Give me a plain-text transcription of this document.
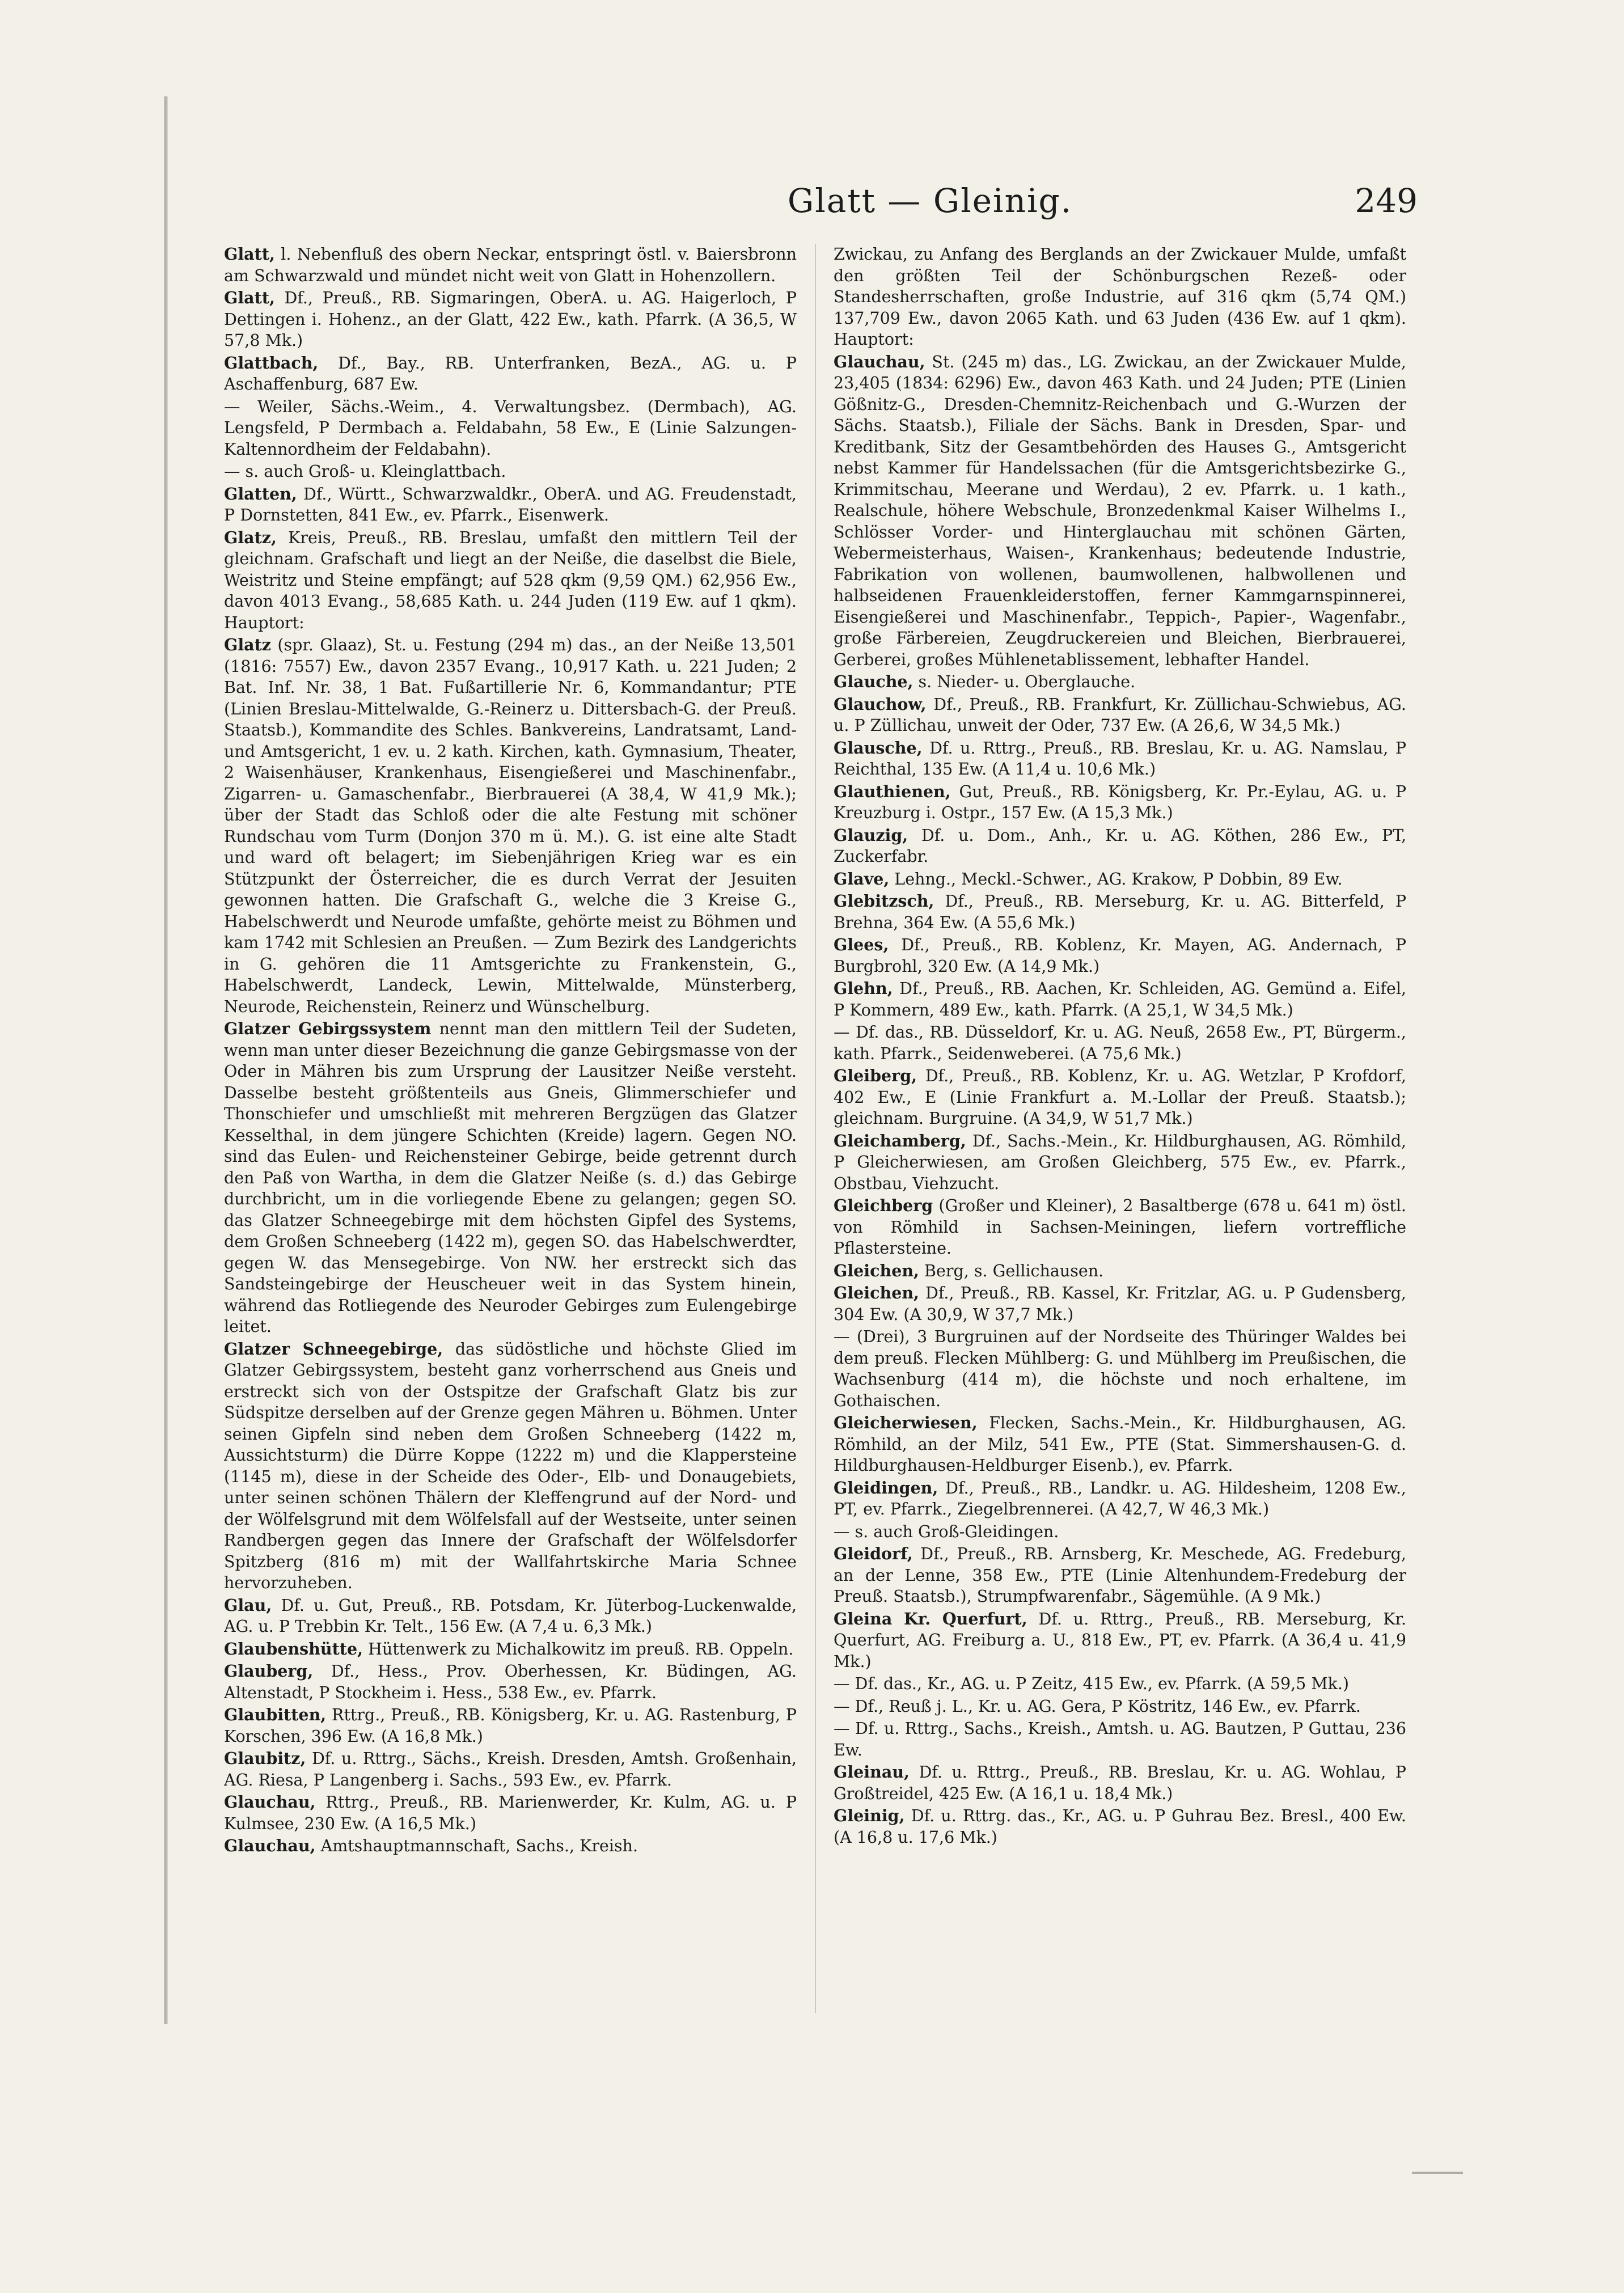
Glatt — Gleinig.	249

Glatt, l. Nebenfluß des obern Neckar, entspringt östl. v. Baiersbronn am Schwarzwald und mündet nicht weit von Glatt in Hohenzollern.

Glatt, Df., Preuß., RB. Sigmaringen, OberA. u. AG. Haigerloch, P Dettingen i. Hohenz., an der Glatt, 422 Ew., kath. Pfarrk. (A 36,5, W 57,8 Mk.)

Glattbach, Df., Bay., RB. Unterfranken, BezA., AG. u. P Aschaffenburg, 687 Ew.

— Weiler, Sächs.-Weim., 4. Verwaltungsbez. (Dermbach), AG. Lengsfeld, P Dermbach a. Feldabahn, 58 Ew., E (Linie Salzungen-Kaltennordheim der Feldabahn).

— s. auch Groß- u. Kleinglattbach.

Glatten, Df., Württ., Schwarzwaldkr., OberA. und AG. Freudenstadt, P Dornstetten, 841 Ew., ev. Pfarrk., Eisenwerk.

Glatz, Kreis, Preuß., RB. Breslau, umfaßt den mittlern Teil der gleichnam. Grafschaft und liegt an der Neiße, die daselbst die Biele, Weistritz und Steine empfängt; auf 528 qkm (9,59 QM.) 62,956 Ew., davon 4013 Evang., 58,685 Kath. u. 244 Juden (119 Ew. auf 1 qkm). Hauptort:

Glatz (spr. Glaaz), St. u. Festung (294 m) das., an der Neiße 13,501 (1816: 7557) Ew., davon 2357 Evang., 10,917 Kath. u. 221 Juden; 2 Bat. Inf. Nr. 38, 1 Bat. Fußartillerie Nr. 6, Kommandantur; PTE (Linien Breslau-Mittelwalde, G.-Reinerz u. Dittersbach-G. der Preuß. Staatsb.), Kommandite des Schles. Bankvereins, Landratsamt, Land- und Amtsgericht, 1 ev. u. 2 kath. Kirchen, kath. Gymnasium, Theater, 2 Waisenhäuser, Krankenhaus, Eisengießerei und Maschinenfabr., Zigarren- u. Gamaschenfabr., Bierbrauerei (A 38,4, W 41,9 Mk.); über der Stadt das Schloß oder die alte Festung mit schöner Rundschau vom Turm (Donjon 370 m ü. M.). G. ist eine alte Stadt und ward oft belagert; im Siebenjährigen Krieg war es ein Stützpunkt der Österreicher, die es durch Verrat der Jesuiten gewonnen hatten. Die Grafschaft G., welche die 3 Kreise G., Habelschwerdt und Neurode umfaßte, gehörte meist zu Böhmen und kam 1742 mit Schlesien an Preußen. — Zum Bezirk des Landgerichts in G. gehören die 11 Amtsgerichte zu Frankenstein, G., Habelschwerdt, Landeck, Lewin, Mittelwalde, Münsterberg, Neurode, Reichenstein, Reinerz und Wünschelburg.

Glatzer Gebirgssystem nennt man den mittlern Teil der Sudeten, wenn man unter dieser Bezeichnung die ganze Gebirgsmasse von der Oder in Mähren bis zum Ursprung der Lausitzer Neiße versteht. Dasselbe besteht größtenteils aus Gneis, Glimmerschiefer und Thonschiefer und umschließt mit mehreren Bergzügen das Glatzer Kesselthal, in dem jüngere Schichten (Kreide) lagern. Gegen NO. sind das Eulen- und Reichensteiner Gebirge, beide getrennt durch den Paß von Wartha, in dem die Glatzer Neiße (s. d.) das Gebirge durchbricht, um in die vorliegende Ebene zu gelangen; gegen SO. das Glatzer Schneegebirge mit dem höchsten Gipfel des Systems, dem Großen Schneeberg (1422 m), gegen SO. das Habelschwerdter, gegen W. das Mensegebirge. Von NW. her erstreckt sich das Sandsteingebirge der Heuscheuer weit in das System hinein, während das Rotliegende des Neuroder Gebirges zum Eulengebirge leitet.

Glatzer Schneegebirge, das südöstliche und höchste Glied im Glatzer Gebirgssystem, besteht ganz vorherrschend aus Gneis und erstreckt sich von der Ostspitze der Grafschaft Glatz bis zur Südspitze derselben auf der Grenze gegen Mähren u. Böhmen. Unter seinen Gipfeln sind neben dem Großen Schneeberg (1422 m, Aussichtsturm) die Dürre Koppe (1222 m) und die Klappersteine (1145 m), diese in der Scheide des Oder-, Elb- und Donaugebiets, unter seinen schönen Thälern der Kleffengrund auf der Nord- und der Wölfelsgrund mit dem Wölfelsfall auf der Westseite, unter seinen Randbergen gegen das Innere der Grafschaft der Wölfelsdorfer Spitzberg (816 m) mit der Wallfahrtskirche Maria Schnee hervorzuheben.

Glau, Df. u. Gut, Preuß., RB. Potsdam, Kr. Jüterbog-Luckenwalde, AG. u. P Trebbin Kr. Telt., 156 Ew. (A 7,4 u. 6,3 Mk.)

Glaubenshütte, Hüttenwerk zu Michalkowitz im preuß. RB. Oppeln.

Glauberg, Df., Hess., Prov. Oberhessen, Kr. Büdingen, AG. Altenstadt, P Stockheim i. Hess., 538 Ew., ev. Pfarrk.

Glaubitten, Rttrg., Preuß., RB. Königsberg, Kr. u. AG. Rastenburg, P Korschen, 396 Ew. (A 16,8 Mk.)

Glaubitz, Df. u. Rttrg., Sächs., Kreish. Dresden, Amtsh. Großenhain, AG. Riesa, P Langenberg i. Sachs., 593 Ew., ev. Pfarrk.

Glauchau, Rttrg., Preuß., RB. Marienwerder, Kr. Kulm, AG. u. P Kulmsee, 230 Ew. (A 16,5 Mk.)

Glauchau, Amtshauptmannschaft, Sachs., Kreish.

Zwickau, zu Anfang des Berglands an der Zwickauer Mulde, umfaßt den größten Teil der Schönburgschen Rezeß- oder Standesherrschaften, große Industrie, auf 316 qkm (5,74 QM.) 137,709 Ew., davon 2065 Kath. und 63 Juden (436 Ew. auf 1 qkm). Hauptort:

Glauchau, St. (245 m) das., LG. Zwickau, an der Zwickauer Mulde, 23,405 (1834: 6296) Ew., davon 463 Kath. und 24 Juden; PTE (Linien Gößnitz-G., Dresden-Chemnitz-Reichenbach und G.-Wurzen der Sächs. Staatsb.), Filiale der Sächs. Bank in Dresden, Spar- und Kreditbank, Sitz der Gesamtbehörden des Hauses G., Amtsgericht nebst Kammer für Handelssachen (für die Amtsgerichtsbezirke G., Krimmitschau, Meerane und Werdau), 2 ev. Pfarrk. u. 1 kath., Realschule, höhere Webschule, Bronzedenkmal Kaiser Wilhelms I., Schlösser Vorder- und Hinterglauchau mit schönen Gärten, Webermeisterhaus, Waisen-, Krankenhaus; bedeutende Industrie, Fabrikation von wollenen, baumwollenen, halbwollenen und halbseidenen Frauenkleiderstoffen, ferner Kammgarnspinnerei, Eisengießerei und Maschinenfabr., Teppich-, Papier-, Wagenfabr., große Färbereien, Zeugdruckereien und Bleichen, Bierbrauerei, Gerberei, großes Mühlenetablissement, lebhafter Handel.

Glauche, s. Nieder- u. Oberglauche.

Glauchow, Df., Preuß., RB. Frankfurt, Kr. Züllichau-Schwiebus, AG. u. P Züllichau, unweit der Oder, 737 Ew. (A 26,6, W 34,5 Mk.)

Glausche, Df. u. Rttrg., Preuß., RB. Breslau, Kr. u. AG. Namslau, P Reichthal, 135 Ew. (A 11,4 u. 10,6 Mk.)

Glauthienen, Gut, Preuß., RB. Königsberg, Kr. Pr.-Eylau, AG. u. P Kreuzburg i. Ostpr., 157 Ew. (A 15,3 Mk.)

Glauzig, Df. u. Dom., Anh., Kr. u. AG. Köthen, 286 Ew., PT, Zuckerfabr.

Glave, Lehng., Meckl.-Schwer., AG. Krakow, P Dobbin, 89 Ew.

Glebitzsch, Df., Preuß., RB. Merseburg, Kr. u. AG. Bitterfeld, P Brehna, 364 Ew. (A 55,6 Mk.)

Glees, Df., Preuß., RB. Koblenz, Kr. Mayen, AG. Andernach, P Burgbrohl, 320 Ew. (A 14,9 Mk.)

Glehn, Df., Preuß., RB. Aachen, Kr. Schleiden, AG. Gemünd a. Eifel, P Kommern, 489 Ew., kath. Pfarrk. (A 25,1, W 34,5 Mk.)

— Df. das., RB. Düsseldorf, Kr. u. AG. Neuß, 2658 Ew., PT, Bürgerm., kath. Pfarrk., Seidenweberei. (A 75,6 Mk.)

Gleiberg, Df., Preuß., RB. Koblenz, Kr. u. AG. Wetzlar, P Krofdorf, 402 Ew., E (Linie Frankfurt a. M.-Lollar der Preuß. Staatsb.); gleichnam. Burgruine. (A 34,9, W 51,7 Mk.)

Gleichamberg, Df., Sachs.-Mein., Kr. Hildburghausen, AG. Römhild, P Gleicherwiesen, am Großen Gleichberg, 575 Ew., ev. Pfarrk., Obstbau, Viehzucht.

Gleichberg (Großer und Kleiner), 2 Basaltberge (678 u. 641 m) östl. von Römhild in Sachsen-Meiningen, liefern vortreffliche Pflastersteine.

Gleichen, Berg, s. Gellichausen.

Gleichen, Df., Preuß., RB. Kassel, Kr. Fritzlar, AG. u. P Gudensberg, 304 Ew. (A 30,9, W 37,7 Mk.)

— (Drei), 3 Burgruinen auf der Nordseite des Thüringer Waldes bei dem preuß. Flecken Mühlberg: G. und Mühlberg im Preußischen, die Wachsenburg (414 m), die höchste und noch erhaltene, im Gothaischen.

Gleicherwiesen, Flecken, Sachs.-Mein., Kr. Hildburghausen, AG. Römhild, an der Milz, 541 Ew., PTE (Stat. Simmershausen-G. d. Hildburghausen-Heldburger Eisenb.), ev. Pfarrk.

Gleidingen, Df., Preuß., RB., Landkr. u. AG. Hildesheim, 1208 Ew., PT, ev. Pfarrk., Ziegelbrennerei. (A 42,7, W 46,3 Mk.)

— s. auch Groß-Gleidingen.

Gleidorf, Df., Preuß., RB. Arnsberg, Kr. Meschede, AG. Fredeburg, an der Lenne, 358 Ew., PTE (Linie Altenhundem-Fredeburg der Preuß. Staatsb.), Strumpfwarenfabr., Sägemühle. (A 9 Mk.)

Gleina Kr. Querfurt, Df. u. Rttrg., Preuß., RB. Merseburg, Kr. Querfurt, AG. Freiburg a. U., 818 Ew., PT, ev. Pfarrk. (A 36,4 u. 41,9 Mk.)

— Df. das., Kr., AG. u. P Zeitz, 415 Ew., ev. Pfarrk. (A 59,5 Mk.)

— Df., Reuß j. L., Kr. u. AG. Gera, P Köstritz, 146 Ew., ev. Pfarrk.

— Df. u. Rttrg., Sachs., Kreish., Amtsh. u. AG. Bautzen, P Guttau, 236 Ew.

Gleinau, Df. u. Rttrg., Preuß., RB. Breslau, Kr. u. AG. Wohlau, P Großtreidel, 425 Ew. (A 16,1 u. 18,4 Mk.)

Gleinig, Df. u. Rttrg. das., Kr., AG. u. P Guhrau Bez. Bresl., 400 Ew. (A 16,8 u. 17,6 Mk.)
